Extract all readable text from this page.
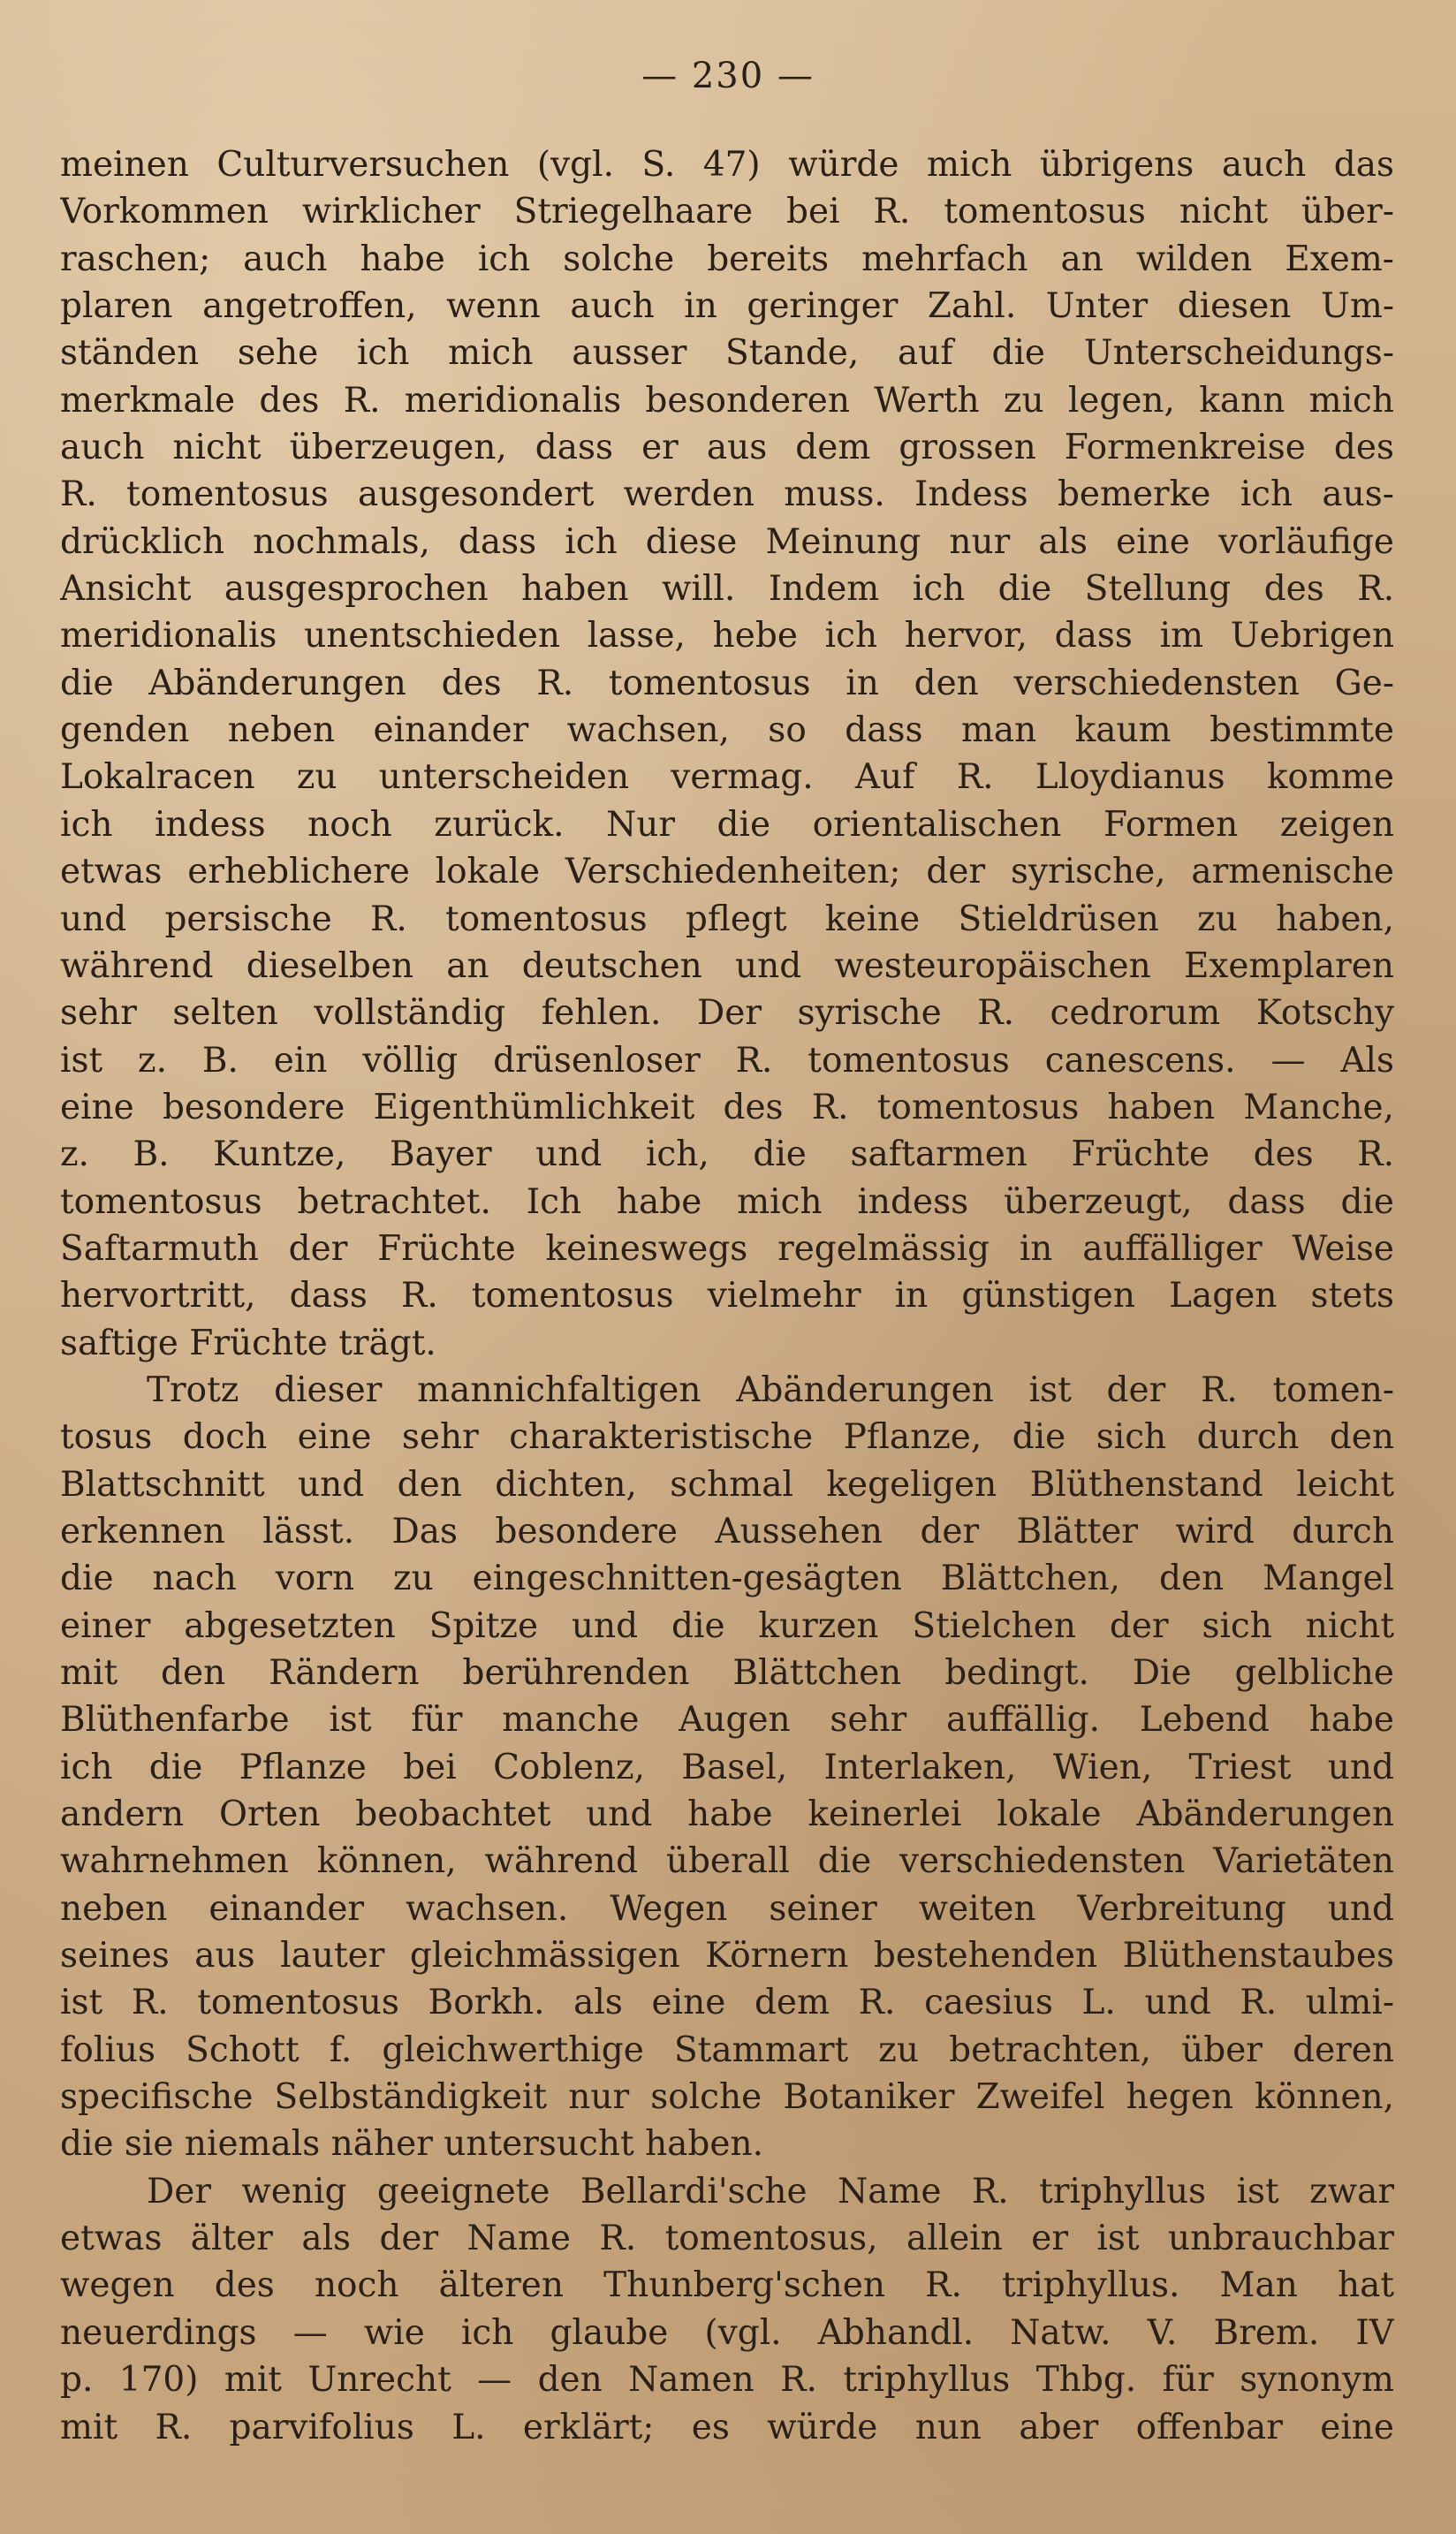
— 230 —
meinen Culturversuchen (vgl. S. 47) würde mich übrigens auch das
Vorkommen wirklicher Striegelhaare bei R. tomentosus nicht über-
raschen; auch habe ich solche bereits mehrfach an wilden Exem-
plaren angetroffen, wenn auch in geringer Zahl. Unter diesen Um-
ständen sehe ich mich ausser Stande, auf die Unterscheidungs-
merkmale des R. meridionalis besonderen Werth zu legen, kann mich
auch nicht überzeugen, dass er aus dem grossen Formenkreise des
R. tomentosus ausgesondert werden muss. Indess bemerke ich aus-
drücklich nochmals, dass ich diese Meinung nur als eine vorläufige
Ansicht ausgesprochen haben will. Indem ich die Stellung des R.
meridionalis unentschieden lasse, hebe ich hervor, dass im Uebrigen
die Abänderungen des R. tomentosus in den verschiedensten Ge-
genden neben einander wachsen, so dass man kaum bestimmte
Lokalracen zu unterscheiden vermag. Auf R. Lloydianus komme
ich indess noch zurück. Nur die orientalischen Formen zeigen
etwas erheblichere lokale Verschiedenheiten; der syrische, armenische
und persische R. tomentosus pflegt keine Stieldrüsen zu haben,
während dieselben an deutschen und westeuropäischen Exemplaren
sehr selten vollständig fehlen. Der syrische R. cedrorum Kotschy
ist z. B. ein völlig drüsenloser R. tomentosus canescens. — Als
eine besondere Eigenthümlichkeit des R. tomentosus haben Manche,
z. B. Kuntze, Bayer und ich, die saftarmen Früchte des R.
tomentosus betrachtet. Ich habe mich indess überzeugt, dass die
Saftarmuth der Früchte keineswegs regelmässig in auffälliger Weise
hervortritt, dass R. tomentosus vielmehr in günstigen Lagen stets
saftige Früchte trägt.
Trotz dieser mannichfaltigen Abänderungen ist der R. tomen-
tosus doch eine sehr charakteristische Pflanze, die sich durch den
Blattschnitt und den dichten, schmal kegeligen Blüthenstand leicht
erkennen lässt. Das besondere Aussehen der Blätter wird durch
die nach vorn zu eingeschnitten-gesägten Blättchen, den Mangel
einer abgesetzten Spitze und die kurzen Stielchen der sich nicht
mit den Rändern berührenden Blättchen bedingt. Die gelbliche
Blüthenfarbe ist für manche Augen sehr auffällig. Lebend habe
ich die Pflanze bei Coblenz, Basel, Interlaken, Wien, Triest und
andern Orten beobachtet und habe keinerlei lokale Abänderungen
wahrnehmen können, während überall die verschiedensten Varietäten
neben einander wachsen. Wegen seiner weiten Verbreitung und
seines aus lauter gleichmässigen Körnern bestehenden Blüthenstaubes
ist R. tomentosus Borkh. als eine dem R. caesius L. und R. ulmi-
folius Schott f. gleichwerthige Stammart zu betrachten, über deren
specifische Selbständigkeit nur solche Botaniker Zweifel hegen können,
die sie niemals näher untersucht haben.
Der wenig geeignete Bellardi'sche Name R. triphyllus ist zwar
etwas älter als der Name R. tomentosus, allein er ist unbrauchbar
wegen des noch älteren Thunberg'schen R. triphyllus. Man hat
neuerdings — wie ich glaube (vgl. Abhandl. Natw. V. Brem. IV
p. 170) mit Unrecht — den Namen R. triphyllus Thbg. für synonym
mit R. parvifolius L. erklärt; es würde nun aber offenbar eine
